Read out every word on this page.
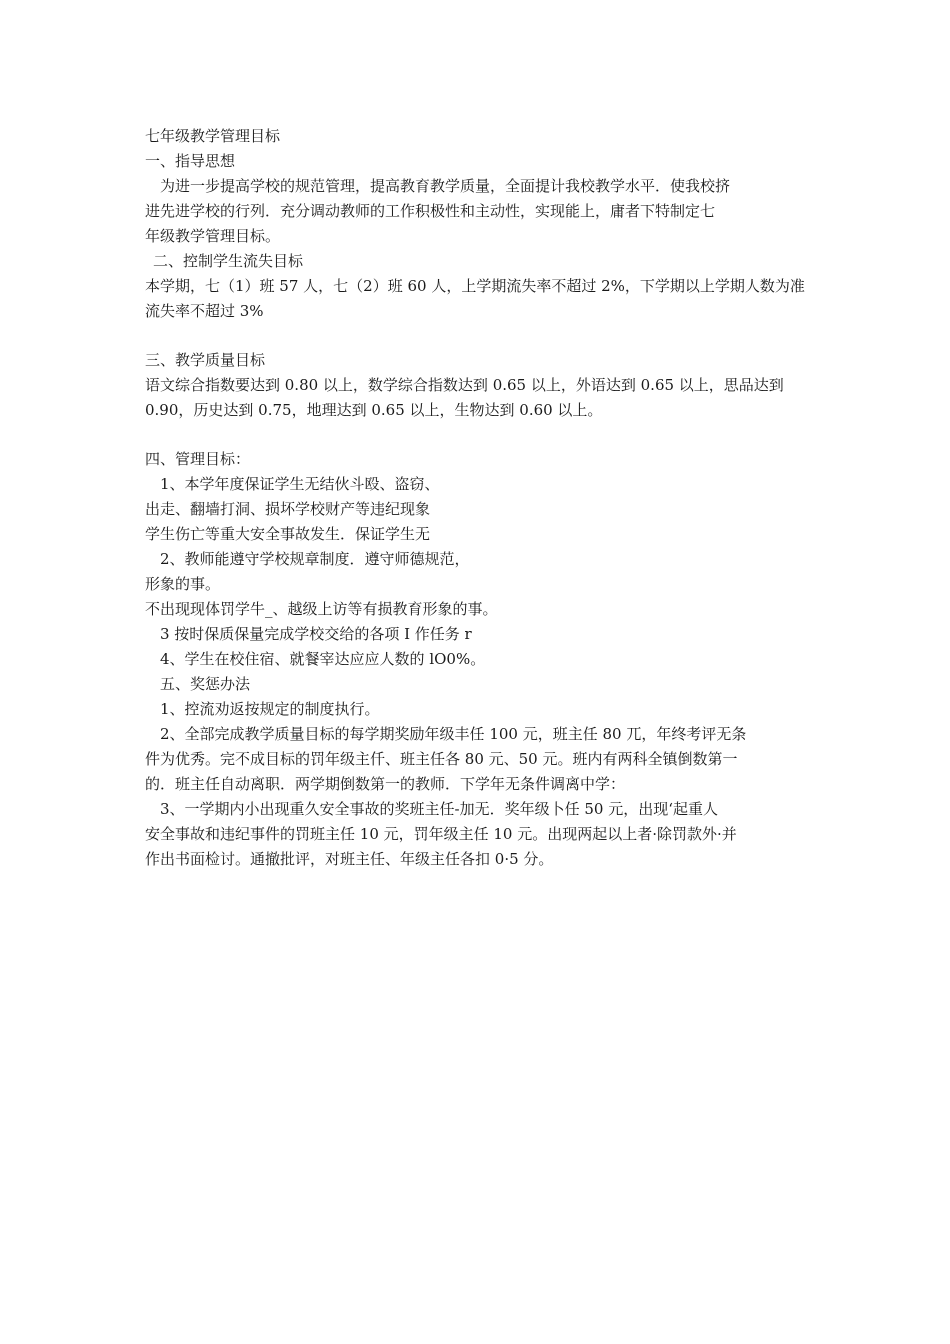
七年级教学管理目标
一、指导思想
为进一步提高学校的规范管理，提高教育教学质量，全面提计我校教学水平．使我校挤
进先进学校的行列．充分调动教师的工作积极性和主动性，实现能上，庸者下特制定七
年级教学管理目标。
二、控制学生流失目标
本学期，七（1）班 57 人，七（2）班 60 人，上学期流失率不超过 2%，下学期以上学期人数为准
流失率不超过 3%
三、教学质量目标
语文综合指数要达到 0.80 以上，数学综合指数达到 0.65 以上，外语达到 0.65 以上，思品达到
0.90，历史达到 0.75，地理达到 0.65 以上，生物达到 0.60 以上。
四、管理目标：
1、本学年度保证学生无结伙斗殴、盗窃、
出走、翻墙打洞、损坏学校财产等违纪现象
学生伤亡等重大安全事故发生．保证学生无
2、教师能遵守学校规章制度．遵守师德规范，
形象的事。
不出现现体罚学牛_、越级上访等有损教育形象的事。
3 按时保质保量完成学校交给的各项 I 作任务 r
4、学生在校住宿、就餐宰达应应人数的 lO0%。
五、奖惩办法
1、控流劝返按规定的制度执行。
2、全部完成教学质量目标的每学期奖励年级丰任 100 元，班主任 80 兀，年终考评无条
件为优秀。完不成目标的罚年级主仟、班主任各 80 元、50 元。班内有两科全镇倒数第一
的．班主任自动离职．两学期倒数第一的教师．下学年无条件调离中学：
3、一学期内小出现重久安全事故的奖班主任-加无．奖年级卜任 50 元，出现‘起重人
安全事故和违纪事件的罚班主任 10 元，罚年级主任 10 元。出现两起以上者·除罚款外·并
作出书面检讨。通撤批评，对班主任、年级主任各扣 0·5 分。
